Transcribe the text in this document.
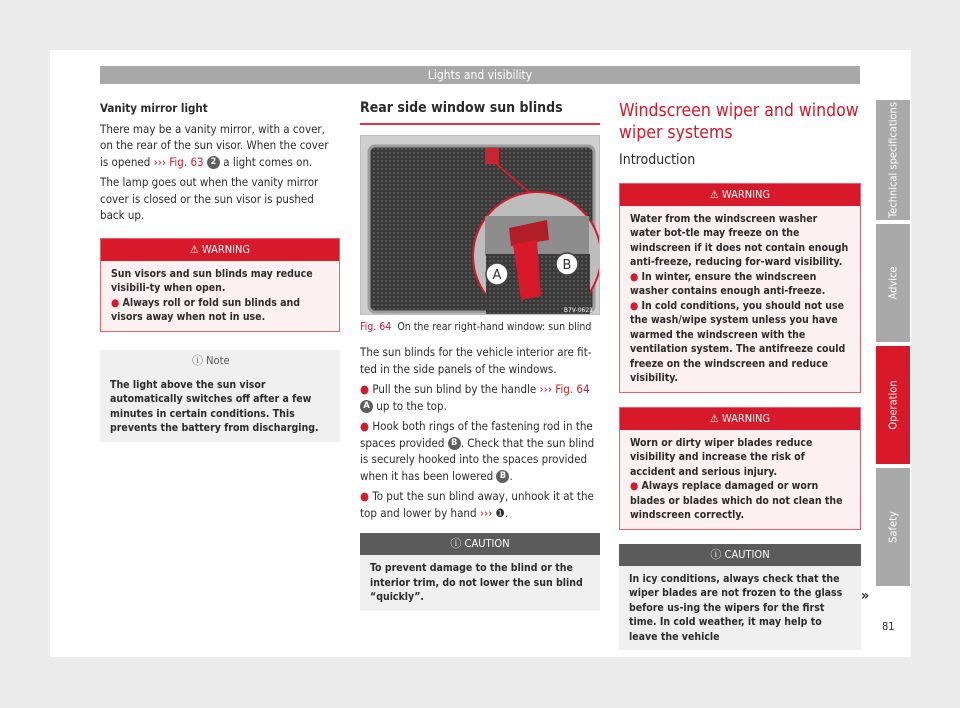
Lights and visibility

Vanity mirror light

There may be a vanity mirror, with a cover, on the rear of the sun visor. When the cover is opened ››› Fig. 63 2 a light comes on.

The lamp goes out when the vanity mirror cover is closed or the sun visor is pushed back up.

⚠ WARNING
Sun visors and sun blinds may reduce visibili-ty when open.
● Always roll or fold sun blinds and visors away when not in use.
ⓘ Note
The light above the sun visor automatically switches off after a few minutes in certain conditions. This prevents the battery from discharging.
Rear side window sun blinds
A
B
B7V-0621
Fig. 64 On the rear right-hand window: sun blind

The sun blinds for the vehicle interior are fit-ted in the side panels of the windows.

● Pull the sun blind by the handle ››› Fig. 64 A up to the top.

● Hook both rings of the fastening rod in the spaces provided B . Check that the sun blind is securely hooked into the spaces provided when it has been lowered B .

● To put the sun blind away, unhook it at the top and lower by hand ››› ❶.

ⓘ CAUTION
To prevent damage to the blind or the interior trim, do not lower the sun blind “quickly”.
Windscreen wiper and window wiper systems
Introduction
⚠ WARNING
Water from the windscreen washer water bot-tle may freeze on the windscreen if it does not contain enough anti-freeze, reducing for-ward visibility.
● In winter, ensure the windscreen washer contains enough anti-freeze.
● In cold conditions, you should not use the wash/wipe system unless you have warmed the windscreen with the ventilation system. The antifreeze could freeze on the windscreen and reduce visibility.
⚠ WARNING
Worn or dirty wiper blades reduce visibility and increase the risk of accident and serious injury.
● Always replace damaged or worn blades or blades which do not clean the windscreen correctly.
ⓘ CAUTION
In icy conditions, always check that the wiper blades are not frozen to the glass before us-ing the wipers for the first time. In cold weather, it may help to leave the vehicle
»
Technical specifications
Advice
Operation
Safety
81
